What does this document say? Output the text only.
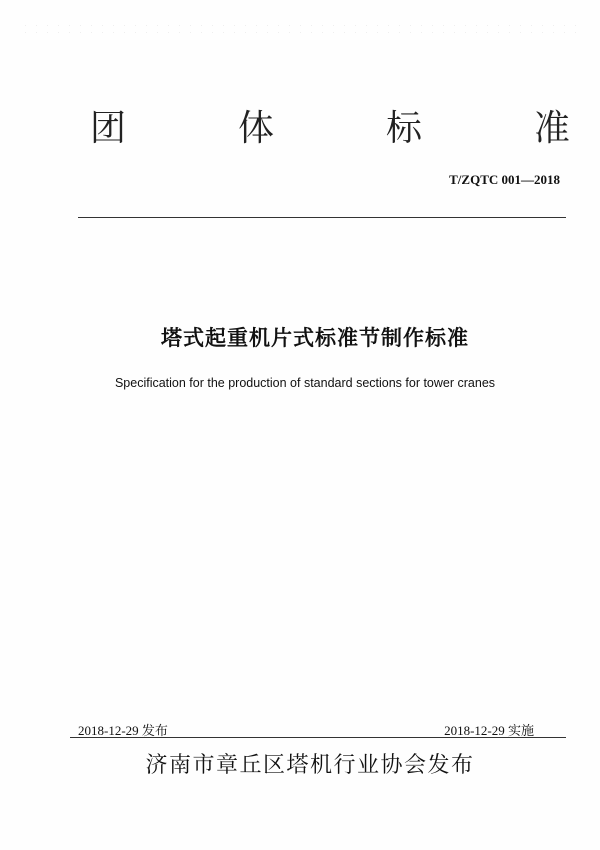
团	体	标	准
T/ZQTC 001—2018
塔式起重机片式标准节制作标准
Specification for the production of standard sections for tower cranes
2018-12-29 发布	2018-12-29 实施
济南市章丘区塔机行业协会发布
